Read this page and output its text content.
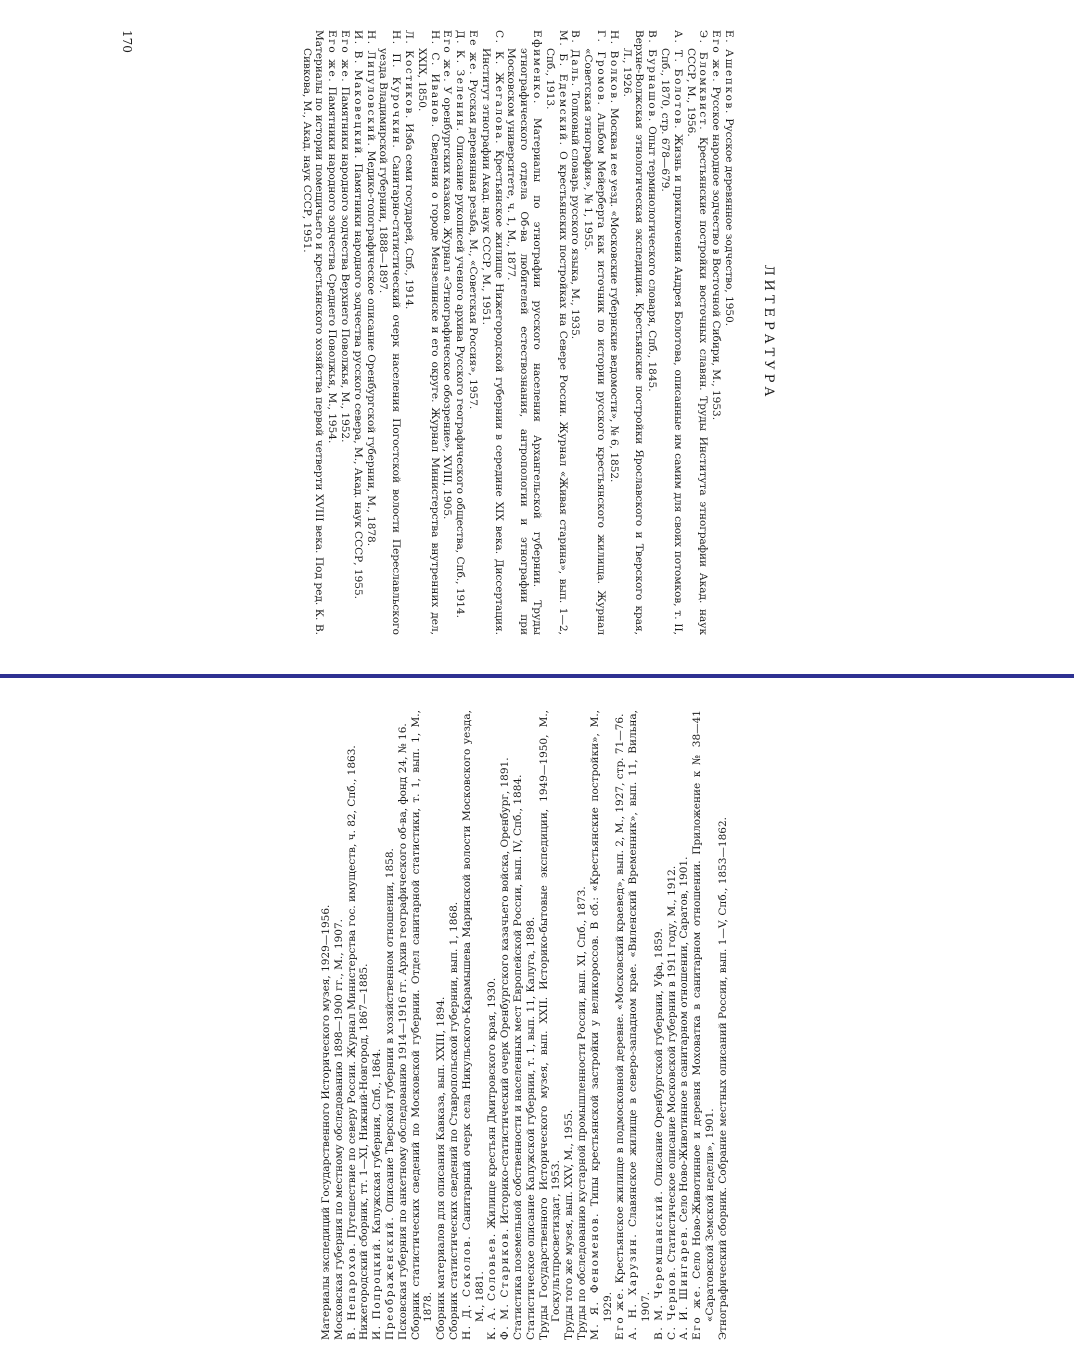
ЛИТЕРАТУРА

Е. Ашепков. Русское деревянное зодчество, 1950.

Его же. Русское народное зодчество в Восточной Сибири, М., 1953.

Э. Бломквист. Крестьянские постройки восточных славян. Труды Института этнографии Акад. наук СССР, М., 1956.

А. Т. Болотов. Жизнь и приключения Андрея Болотова, описанные им самим для своих потомков, т. II, Спб., 1870, стр. 678—679.

В. Бурнашов. Опыт терминологического словаря, Спб., 1845.

Верхне-Волжская этнологическая экспедиция. Крестьянские постройки Ярославского и Тверского края, Л., 1926.

Н. Волков. Москва и ее уезд. «Московские губернские ведомости», № 6, 1852.

Г. Громов. Альбом Мейерберга как источник по истории русского крестьянского жилища. Журнал «Советская этнография», № 1, 1955.

В. Даль. Толковый словарь русского языка, М., 1935.

М. Б. Едемский. О крестьянских постройках на Севере России. Журнал «Живая старина», вып. 1—2, Спб., 1913.

Ефименко. Материалы по этнографии русского населения Архангельской губернии. Труды этнографического отдела Об-ва любителей естествознания, антропологии и этнографии при Московском университете, ч. 1, М., 1877.

С. К. Жегалова. Крестьянское жилище Нижегородской губернии в середине XIX века. Диссертация. Институт этнографии Акад. наук СССР, М., 1951.

Ее же. Русская деревянная резьба, М., «Советская Россия», 1957.

Д. К. Зеленин. Описание рукописей ученого архива Русского географического общества, Спб., 1914.

Его же. У оренбургских казаков. Журнал «Этнографическое обозрение», XVIII, 1905.

Н. С. Иванов. Сведения о городе Мензелинске и его округе. Журнал Министерства внутренних дел, XXIX, 1850.

Л. Костиков. Изба семи государей, Спб., 1914.

Н. П. Курочкин. Санитарно-статистический очерк населения Погостской волости Переславльского уезда Владимирской губернии, 1888—1897.

Н. Липуловский. Медико-топографическое описание Оренбургской губернии, М., 1878.

И. В. Маковецкий. Памятники народного зодчества русского севера, М., Акад. наук СССР, 1955.

Его же. Памятники народного зодчества Верхнего Поволжья, М., 1952.

Его же. Памятники народного зодчества Среднего Поволжья, М., 1954.

Материалы по истории помещичьего и крестьянского хозяйства первой четверти XVIII века. Под ред. К. В. Сивкова, М., Акад. наук СССР, 1951.

170

Материалы экспедиций Государственного Исторического музея, 1929—1956. Московская губерния по местному обследованию 1898—1900 гг., М., 1907. В. Непарохов. Путешествие по северу России. Журнал Министерства гос. имуществ, ч. 82, Спб., 1863. Нижегородский сборник, тт. 1—XI, Нижний-Новгород, 1867—1885. И. Попроцкий. Калужская губерния, Спб., 1864.

Преображенский. Описание Тверской губернии в хозяйственном отношении, 1858. Псковская губерния по анкетному обследованию 1914—1916 гг. Архив географического об-ва, фонд 24, № 16. Сборник статистических сведений по Московской губернии. Отдел санитарной статистики, т. 1, вып. 1, М., 1878. Сборник материалов для описания Кавказа, вып. XXIII, 1894. Сборник статистических сведений по Ставропольской губернии, вып. 1, 1868. Н. Д. Соколов. Санитарный очерк села Никульского-Карамышева Маринской волости Московского уезда, М., 1881. К. А. Соловьев. Жилище крестьян Дмитровского края, 1930.

Ф. М. Стариков. Историко-статистический очерк Оренбургского казачьего войска, Оренбург, 1891. Статистика поземельной собственности и населенных мест Европейской России, вып. IV, Спб., 1884. Статистическое описание Калужской губернии, т. 1, вып. 11, Калуга, 1898. Труды Государственного Исторического музея, вып. XXII. Историко-бытовые экспедиции, 1949—1950, М., Госкультпросветиздат, 1953. Труды того же музея, вып. XXV, М., 1955. Труды по обследованию кустарной промышленности России, вып. XI, Спб., 1873. М. Я. Феноменов. Типы крестьянской застройки у великороссов. В сб.: «Крестьянские постройки», М., 1929. Его же. Крестьянское жилище в подмосковной деревне. «Московский краевед», вып. 2, М., 1927, стр. 71—76.

А. Н. Харузин. Славянское жилище в северо-западном крае. «Виленский Временник», вып. 11, Вильна, 1907. В. М. Черемшанский. Описание Оренбургской губернии, Уфа, 1859.

С. Чернов. Статистическое описание Московской губернии в 1911 году, М., 1912.

А. И. Шингарев. Село Ново-Животинное в санитарном отношении, Саратов, 1901.

Его же. Село Ново-Животинное и деревня Моховатка в санитарном отношении. Приложение к № 38—41 «Саратовской Земской недели», 1901. Этнографический сборник. Собрание местных описаний России, вып. 1—V, Спб., 1853—1862.
